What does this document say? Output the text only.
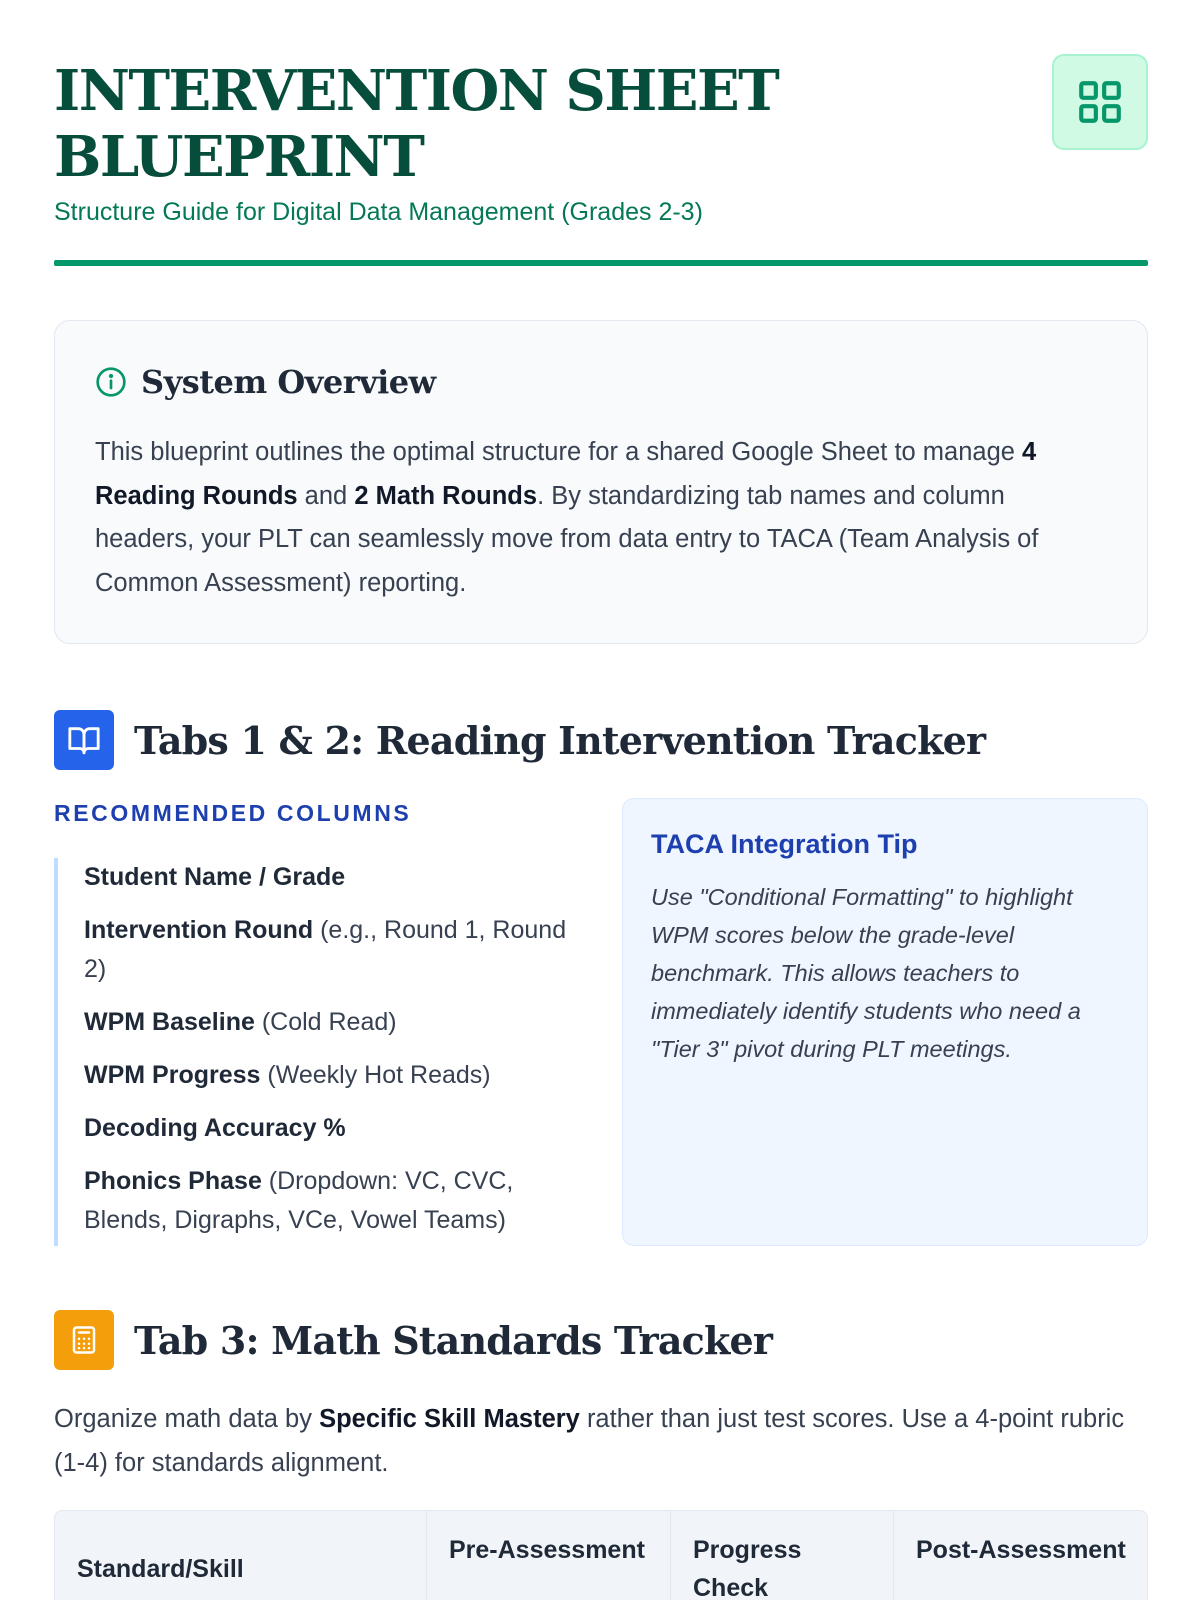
INTERVENTION SHEET BLUEPRINT
Structure Guide for Digital Data Management (Grades 2-3)
System Overview

This blueprint outlines the optimal structure for a shared Google Sheet to manage 4 Reading Rounds and 2 Math Rounds. By standardizing tab names and column headers, your PLT can seamlessly move from data entry to TACA (Team Analysis of Common Assessment) reporting.

Tabs 1 & 2: Reading Intervention Tracker
RECOMMENDED COLUMNS
Student Name / Grade
Intervention Round (e.g., Round 1, Round 2)
WPM Baseline (Cold Read)
WPM Progress (Weekly Hot Reads)
Decoding Accuracy %
Phonics Phase (Dropdown: VC, CVC, Blends, Digraphs, VCe, Vowel Teams)
TACA Integration Tip

Use "Conditional Formatting" to highlight WPM scores below the grade-level benchmark. This allows teachers to immediately identify students who need a "Tier 3" pivot during PLT meetings.

Tab 3: Math Standards Tracker

Organize math data by Specific Skill Mastery rather than just test scores. Use a 4-point rubric (1-4) for standards alignment.

Standard/Skill
Pre-Assessment	Progress Check
Post-Assessment
